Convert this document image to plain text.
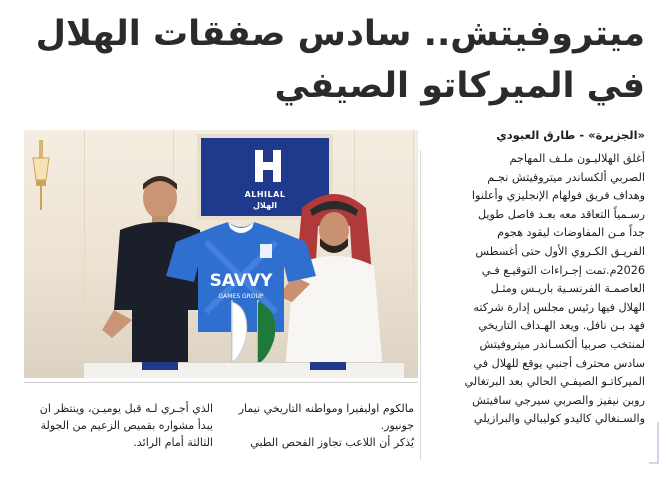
ميتروفيتش.. سادس صفقات الهلال
في الميركاتو الصيفي
«الجزيرة» - طارق العبودي
ALHILAL
الهلال
SAVVY
GAMES GROUP

أغلق الهلاليـون ملـف المهاجم

الصربي ألكساندر ميتروفيتش نجـم

وهداف فريق فولهام الإنجليزي وأعلنوا

رسـمياً التعاقد معه بعـد فاصل طويل

جداً مـن المفاوضات ليقود هجوم

الفريـق الكـروي الأول حتى أغسطس

2026م.تمت إجـراءات التوقيـع فـي

العاصمـة الفرنسـية باريـس ومثـل

الهلال فيها رئيس مجلس إدارة شركته

فهد بـن نافل. ويعد الهـداف التاريخي

لمنتخب صربيا ألكسـاندر ميتروفيتش

سادس محترف أجنبي يوقع للهلال في

الميركاتـو الصيفـي الحالي بعد البرتغالي

روبن نيفيز والصربي سيرجي سافيتش

والسـنغالي كاليدو كوليبالي والبرازيلي

مالكوم اوليفيرا ومواطنه التاريخي نيمار

جونيور.

يُذكر أن اللاعب تجاوز الفحص الطبي

الذي أجـري لـه قبل يوميـن، وينتظر ان

يبدأ مشواره بقميص الزعيم من الجولة

الثالثة أمام الرائد.
